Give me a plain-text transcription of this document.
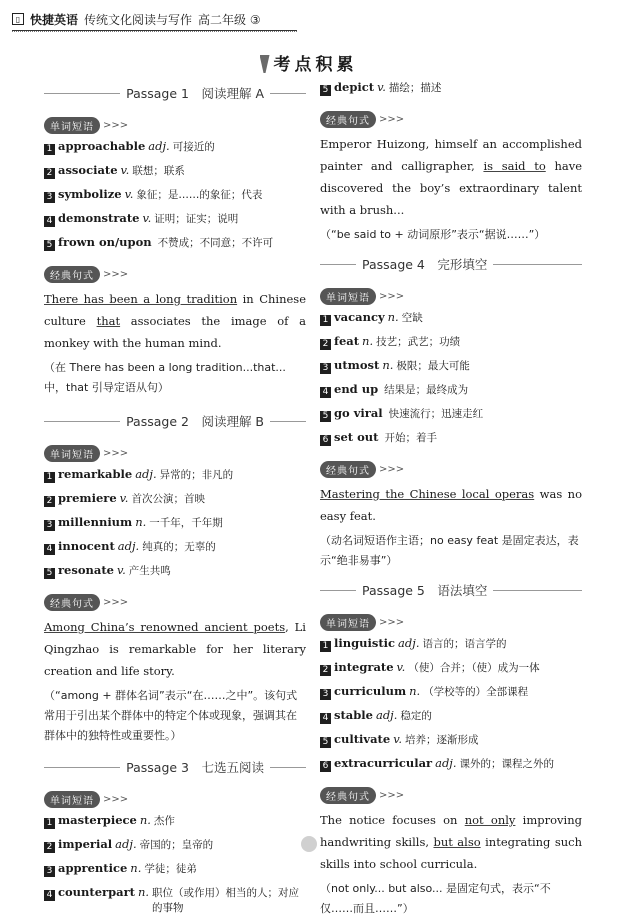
▯ 快捷英语 传统文化阅读与写作 高二年级 ③
考点积累
Passage 1　阅读理解 A
单词短语 >>>
1 approachable adj. 可接近的
2 associate v. 联想；联系
3 symbolize v. 象征；是……的象征；代表
4 demonstrate v. 证明；证实；说明
5 frown on/upon 不赞成；不同意；不许可
经典句式 >>>
There has been a long tradition in Chinese culture that associates the image of a monkey with the human mind.
（在 There has been a long tradition...that... 中，that 引导定语从句）
Passage 2　阅读理解 B
单词短语 >>>
1 remarkable adj. 异常的；非凡的
2 premiere v. 首次公演；首映
3 millennium n. 一千年，千年期
4 innocent adj. 纯真的；无辜的
5 resonate v. 产生共鸣
经典句式 >>>
Among China’s renowned ancient poets, Li Qingzhao is remarkable for her literary creation and life story.
（“among + 群体名词”表示“在……之中”。该句式常用于引出某个群体中的特定个体或现象，强调其在群体中的独特性或重要性。）
Passage 3　七选五阅读
单词短语 >>>
1 masterpiece n. 杰作
2 imperial adj. 帝国的；皇帝的
3 apprentice n. 学徒；徒弟
4 counterpart n. 职位（或作用）相当的人；对应的事物
5 depict v. 描绘；描述
经典句式 >>>
Emperor Huizong, himself an accomplished painter and calligrapher, is said to have discovered the boy’s extraordinary talent with a brush...
（“be said to + 动词原形”表示“据说……”）
Passage 4　完形填空
单词短语 >>>
1 vacancy n. 空缺
2 feat n. 技艺；武艺；功绩
3 utmost n. 极限；最大可能
4 end up 结果是；最终成为
5 go viral 快速流行；迅速走红
6 set out 开始；着手
经典句式 >>>
Mastering the Chinese local operas was no easy feat.
（动名词短语作主语；no easy feat 是固定表达，表示“绝非易事”）
Passage 5　语法填空
单词短语 >>>
1 linguistic adj. 语言的；语言学的
2 integrate v. （使）合并；（使）成为一体
3 curriculum n. （学校等的）全部课程
4 stable adj. 稳定的
5 cultivate v. 培养；逐渐形成
6 extracurricular adj. 课外的；课程之外的
经典句式 >>>
The notice focuses on not only improving handwriting skills, but also integrating such skills into school curricula.
（not only... but also... 是固定句式，表示“不仅……而且……”）
